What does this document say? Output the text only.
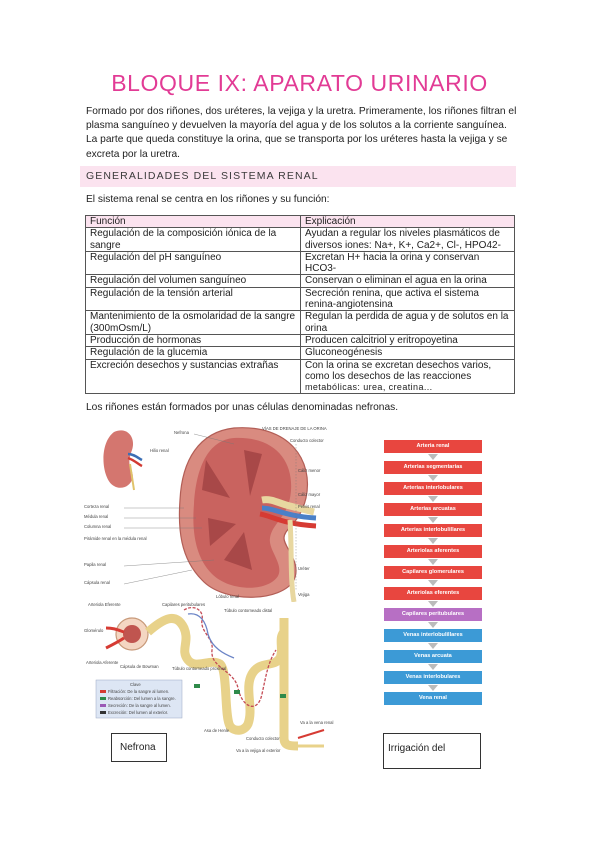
BLOQUE IX: APARATO URINARIO
Formado por dos riñones, dos uréteres, la vejiga y la uretra. Primeramente, los riñones filtran el plasma sanguíneo y devuelven la mayoría del agua y de los solutos a la corriente sanguínea. La parte que queda constituye la orina, que se transporta por los uréteres hasta la vejiga y se excreta por la uretra.
GENERALIDADES DEL SISTEMA RENAL
El sistema renal se centra en los riñones y su función:
Función	Explicación
Regulación de la composición iónica de la sangre	Ayudan a regular los niveles plasmáticos de diversos iones: Na+, K+, Ca2+, Cl-, HPO42-
Regulación del pH sanguíneo	Excretan H+ hacia la orina y conservan HCO3-
Regulación del volumen sanguíneo	Conservan o eliminan el agua en la orina
Regulación de la tensión arterial	Secreción renina, que activa el sistema renina-angiotensina
Mantenimiento de la osmolaridad de la sangre (300mOsm/L)	Regulan la perdida de agua y de solutos en la orina
Producción de hormonas	Producen calcitriol y eritropoyetina
Regulación de la glucemia	Gluconeogénesis
Excreción desechos y sustancias extrañas	Con la orina se excretan desechos varios, como los desechos de las reacciones
metabólicas: urea, creatina...
Los riñones están formados por unas células denominadas nefronas.
Nefrona
VÍAS DE DRENAJE DE LA ORINA
Conducto colector
Hilio renal
Cáliz menor
Cáliz mayor
Pelvis renal
Corteza renal
Médula renal
Columna renal
Pirámide renal en la médula renal
Papila renal
Cápsula renal
Lóbulo renal
Uréter
Vejiga
Arteriola Eferente
Glomérulo
Arteriola Aferente
Cápsula de Bowman
Capilares peritubulares
Túbulo contorneado distal
Túbulo contorneado proximal
Asa de Henle
Conducto colector
Va a la vena renal
Va a la vejiga al exterior
Clave
Filtración: De la sangre al lumen.
Reabsorción: Del lumen a la sangre.
Secreción: De la sangre al lumen.
Excreción: Del lumen al exterior.
Nefrona
Arteria renal
Arterias segmentarias
Arterias interlobulares
Arterias arcuatas
Arterias interlobulillares
Arteriolas aferentes
Capilares glomerulares
Arteriolas eferentes
Capilares peritubulares
Venas interlobulillares
Venas arcuata
Venas interlobulares
Vena renal
Irrigación del
